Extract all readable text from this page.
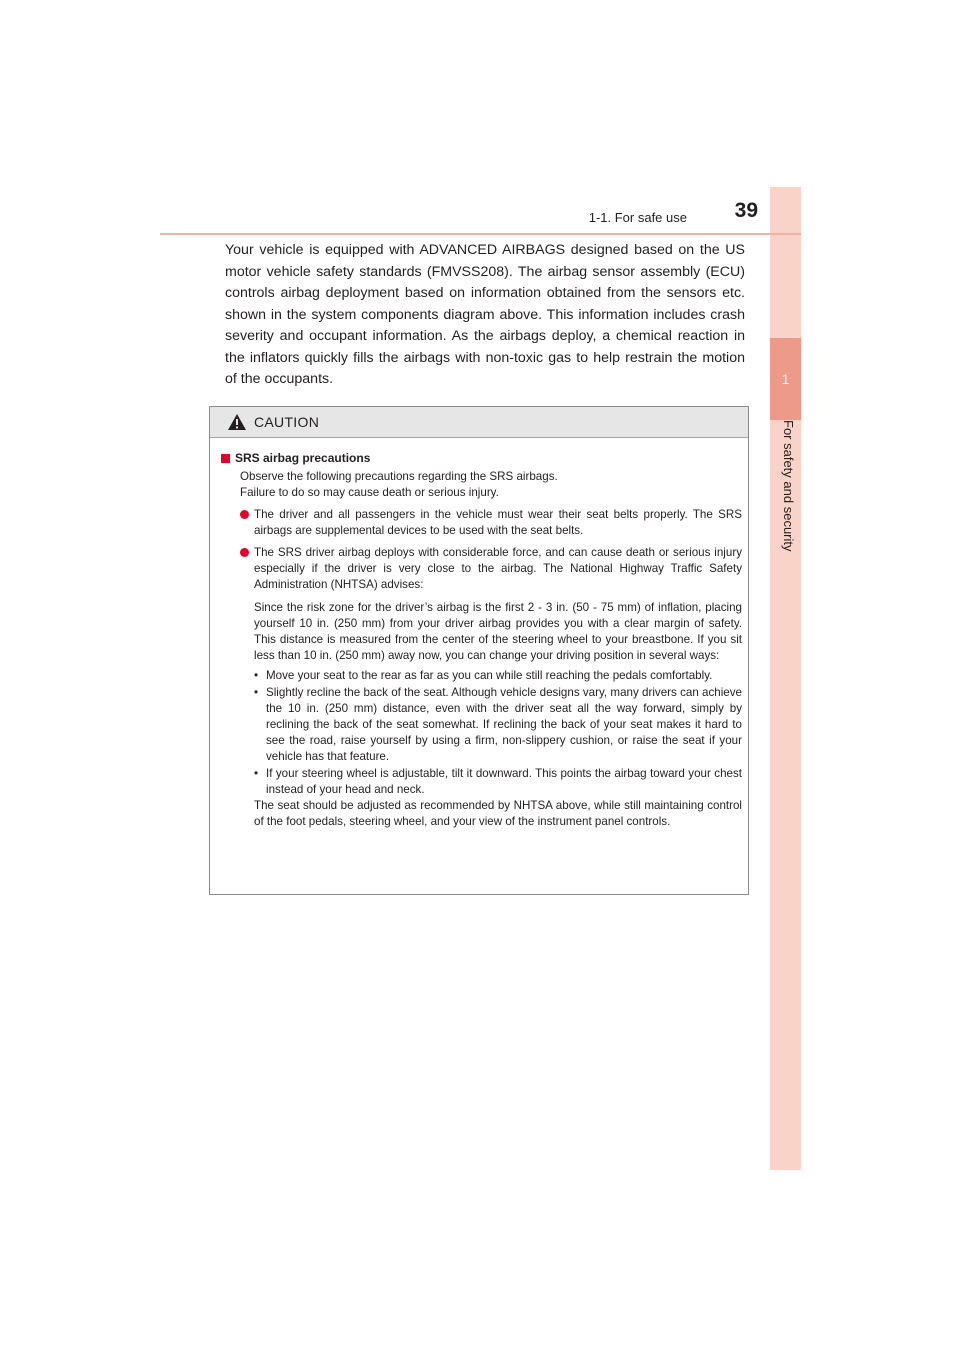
1
For safety and security
1-1. For safe use	39
Your vehicle is equipped with ADVANCED AIRBAGS designed based on the US motor vehicle safety standards (FMVSS208). The airbag sensor assembly (ECU) controls airbag deployment based on information obtained from the sensors etc. shown in the system components diagram above. This information includes crash severity and occupant information. As the airbags deploy, a chemical reaction in the inflators quickly fills the airbags with non-toxic gas to help restrain the motion of the occupants.
CAUTION
SRS airbag precautions
Observe the following precautions regarding the SRS airbags.
Failure to do so may cause death or serious injury.
The driver and all passengers in the vehicle must wear their seat belts properly. The SRS airbags are supplemental devices to be used with the seat belts.
The SRS driver airbag deploys with considerable force, and can cause death or serious injury especially if the driver is very close to the airbag. The National Highway Traffic Safety Administration (NHTSA) advises:
Since the risk zone for the driver’s airbag is the first 2 - 3 in. (50 - 75 mm) of inflation, placing yourself 10 in. (250 mm) from your driver airbag provides you with a clear margin of safety. This distance is measured from the center of the steering wheel to your breastbone. If you sit less than 10 in. (250 mm) away now, you can change your driving position in several ways:
• Move your seat to the rear as far as you can while still reaching the pedals comfortably.
• Slightly recline the back of the seat. Although vehicle designs vary, many drivers can achieve the 10 in. (250 mm) distance, even with the driver seat all the way forward, simply by reclining the back of the seat somewhat. If reclining the back of your seat makes it hard to see the road, raise yourself by using a firm, non-slippery cushion, or raise the seat if your vehicle has that feature.
• If your steering wheel is adjustable, tilt it downward. This points the airbag toward your chest instead of your head and neck.
The seat should be adjusted as recommended by NHTSA above, while still maintaining control of the foot pedals, steering wheel, and your view of the instrument panel controls.
